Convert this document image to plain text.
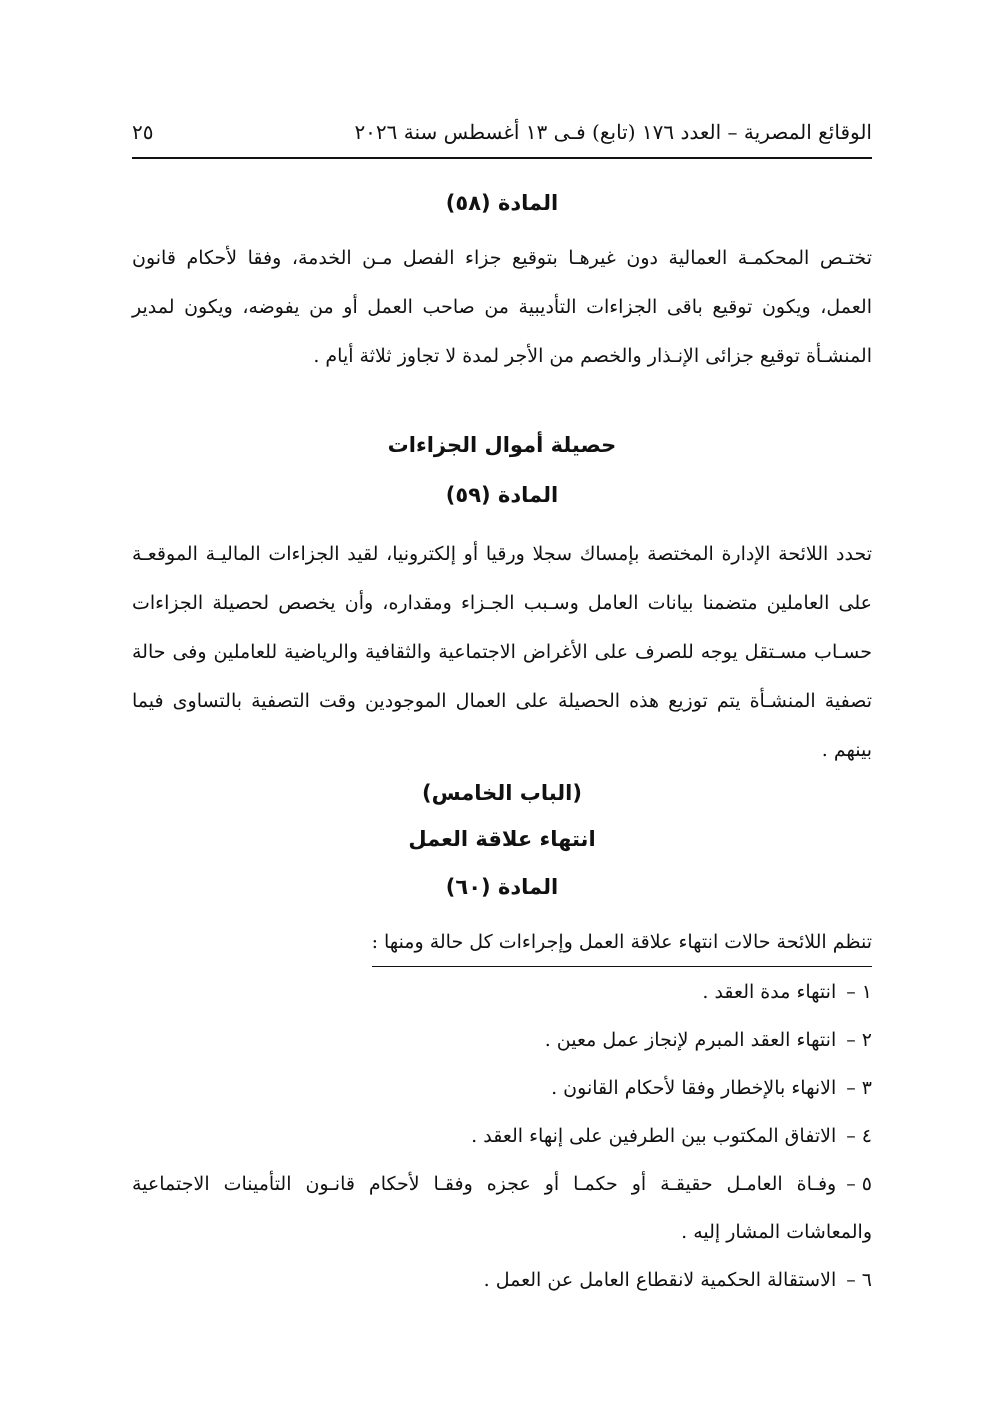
الوقائع المصرية – العدد ١٧٦ (تابع) فـى ١٣ أغسطس سنة ٢٠٢٦
٢٥
المادة (٥٨)

تختـص المحكمـة العمالية دون غيرهـا بتوقيع جزاء الفصل مـن الخدمة، وفقا لأحكام قانون العمل، ويكون توقيع باقى الجزاءات التأديبية من صاحب العمل أو من يفوضه، ويكون لمدير المنشـأة توقيع جزائى الإنـذار والخصم من الأجر لمدة لا تجاوز ثلاثة أيام .

حصيلة أموال الجزاءات
المادة (٥٩)

تحدد اللائحة الإدارة المختصة بإمساك سجلا ورقيا أو إلكترونيا، لقيد الجزاءات الماليـة الموقعـة على العاملين متضمنا بيانات العامل وسـبب الجـزاء ومقداره، وأن يخصص لحصيلة الجزاءات حسـاب مسـتقل يوجه للصرف على الأغراض الاجتماعية والثقافية والرياضية للعاملين وفى حالة تصفية المنشـأة يتم توزيع هذه الحصيلة على العمال الموجودين وقت التصفية بالتساوى فيما بينهم .

(الباب الخامس)
انتهاء علاقة العمل
المادة (٦٠)
تنظم اللائحة حالات انتهاء علاقة العمل وإجراءات كل حالة ومنها :
١ –انتهاء مدة العقد .
٢ –انتهاء العقد المبرم لإنجاز عمل معين .
٣ –الانهاء بالإخطار وفقا لأحكام القانون .
٤ –الاتفاق المكتوب بين الطرفين على إنهاء العقد .
٥ –وفـاة العامـل حقيقـة أو حكمـا أو عجزه وفقـا لأحكام قانـون التأمينات الاجتماعية والمعاشات المشار إليه .
٦ –الاستقالة الحكمية لانقطاع العامل عن العمل .
